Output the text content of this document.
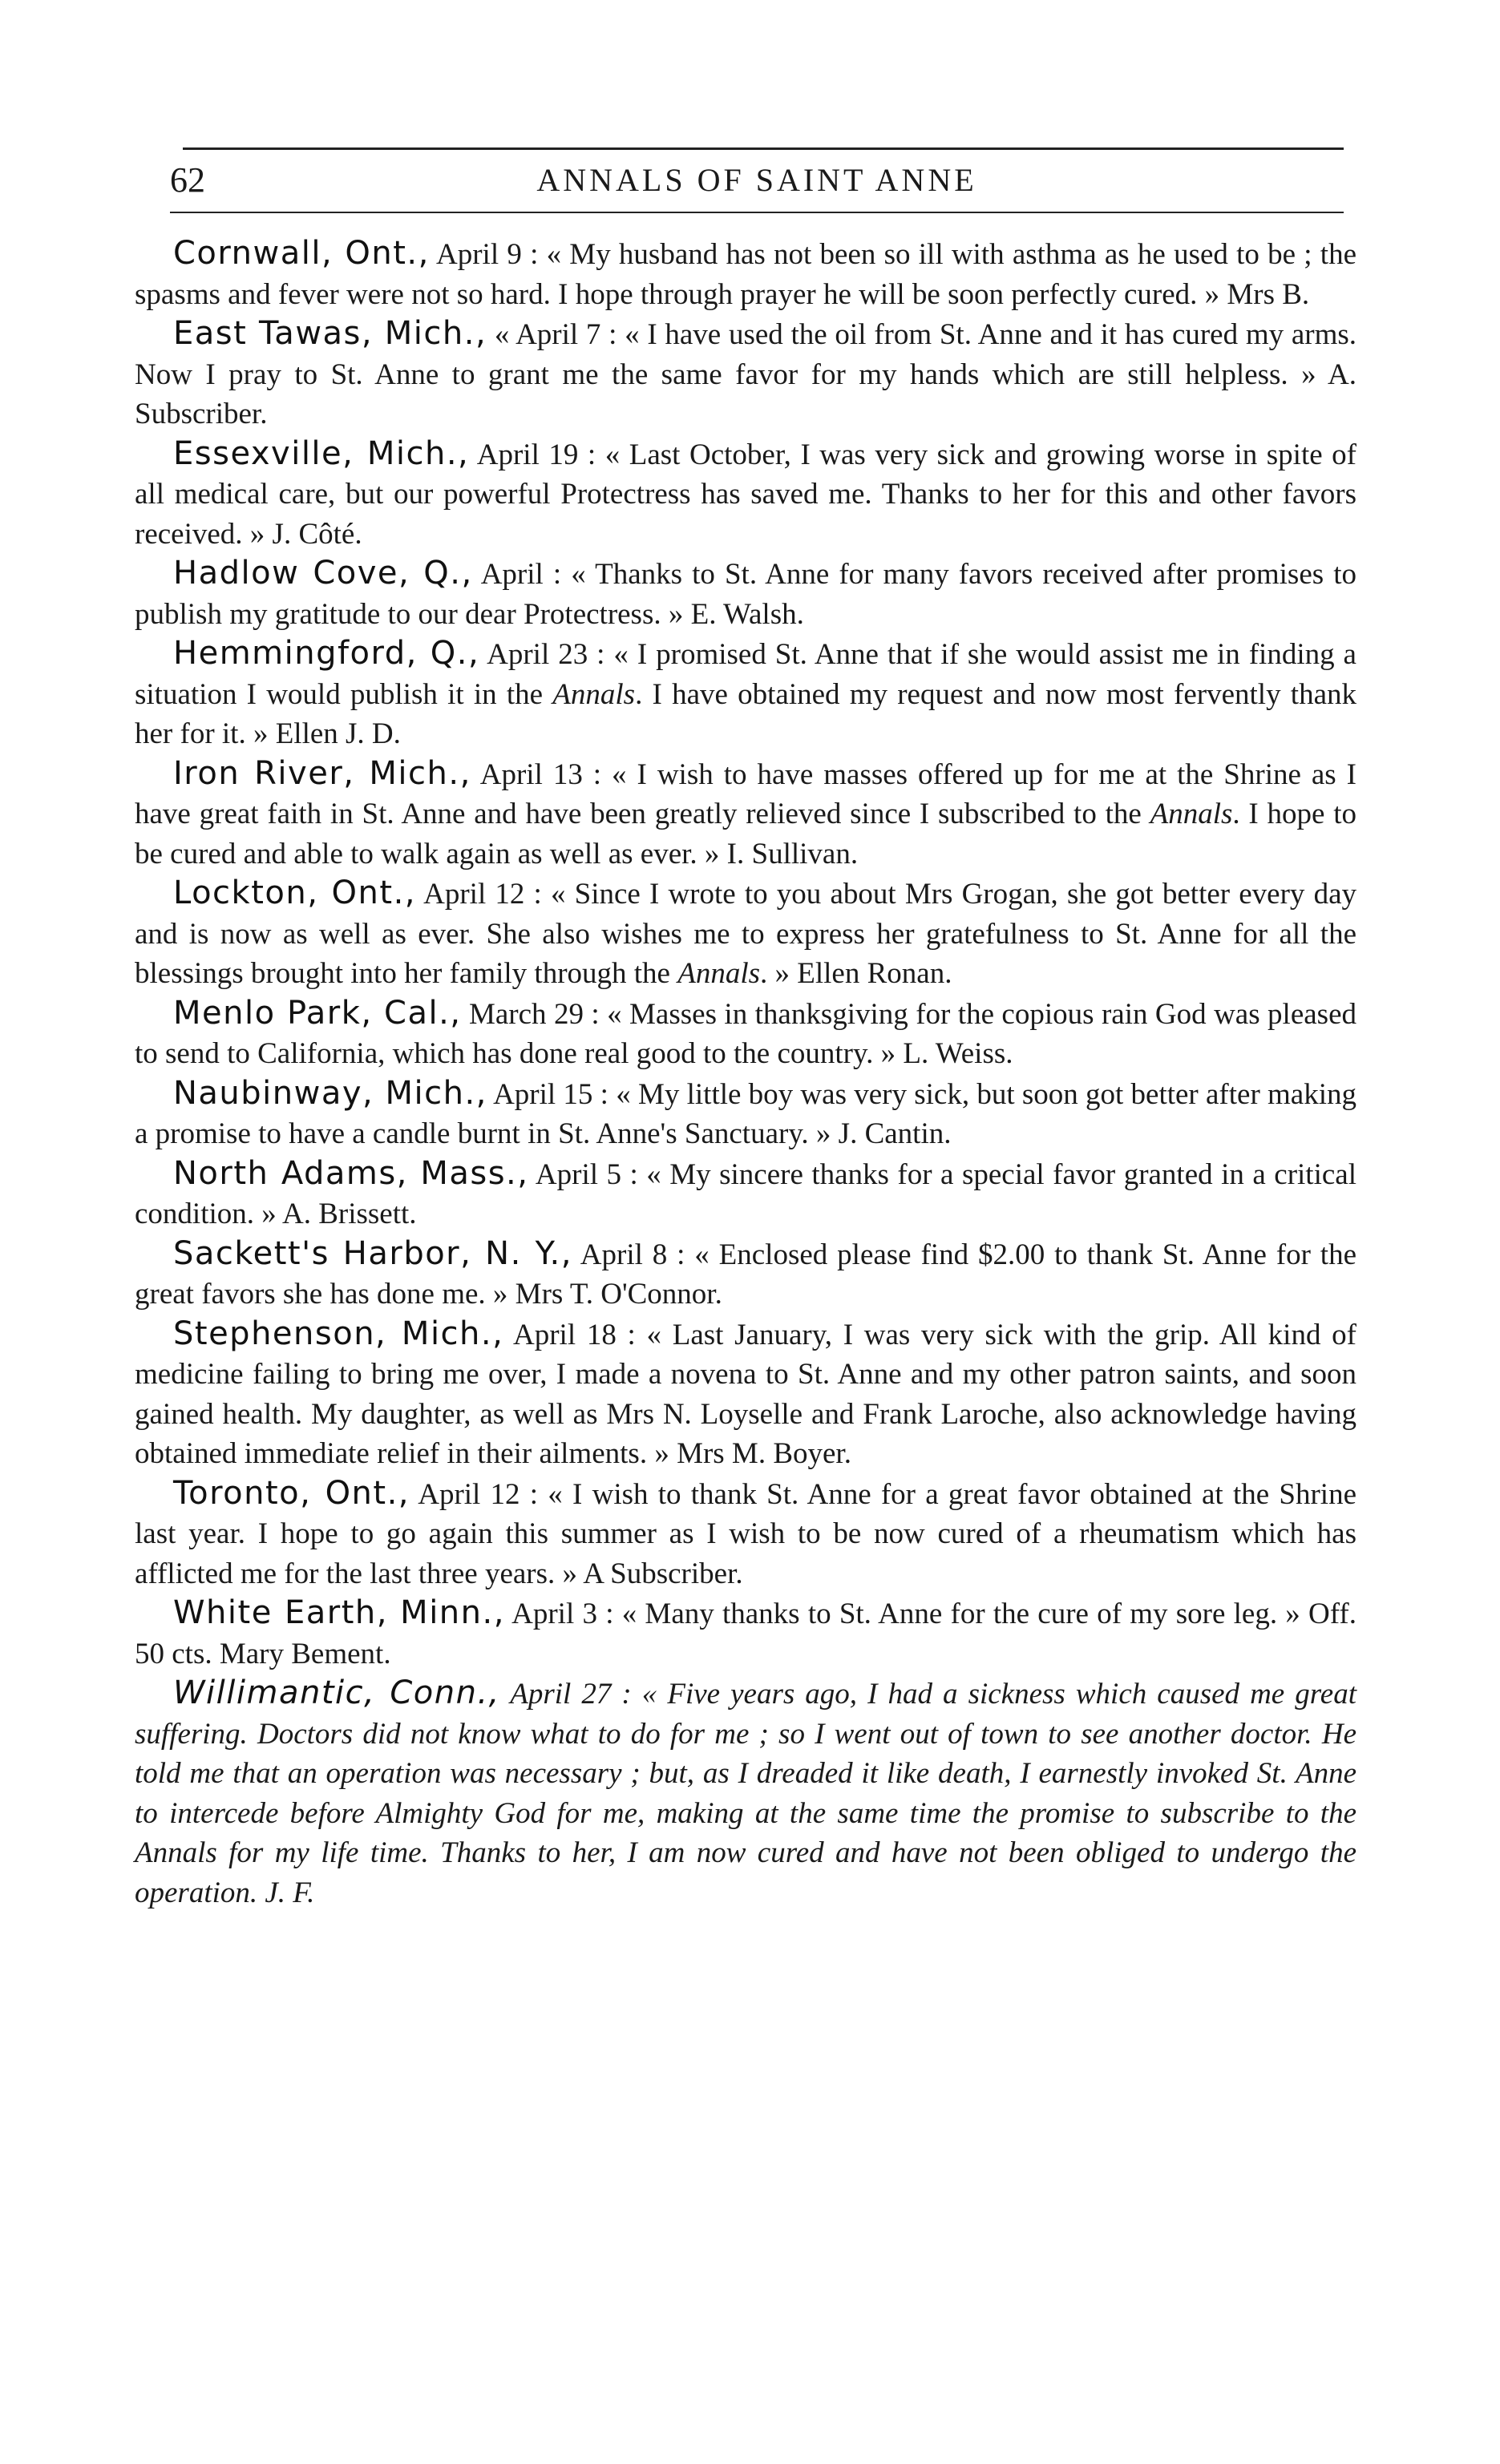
62	ANNALS OF SAINT ANNE

Cornwall, Ont., April 9 : « My husband has not been so ill with asthma as he used to be ; the spasms and fever were not so hard. I hope through prayer he will be soon perfectly cured. » Mrs B.

East Tawas, Mich., « April 7 : « I have used the oil from St. Anne and it has cured my arms. Now I pray to St. Anne to grant me the same favor for my hands which are still helpless. » A. Subscriber.

Essexville, Mich., April 19 : « Last October, I was very sick and growing worse in spite of all medical care, but our powerful Protectress has saved me. Thanks to her for this and other favors received. » J. Côté.

Hadlow Cove, Q., April : « Thanks to St. Anne for many favors received after promises to publish my gratitude to our dear Protectress. » E. Walsh.

Hemmingford, Q., April 23 : « I promised St. Anne that if she would assist me in finding a situation I would publish it in the Annals. I have obtained my request and now most fervently thank her for it. » Ellen J. D.

Iron River, Mich., April 13 : « I wish to have masses offered up for me at the Shrine as I have great faith in St. Anne and have been greatly relieved since I subscribed to the Annals. I hope to be cured and able to walk again as well as ever. » I. Sullivan.

Lockton, Ont., April 12 : « Since I wrote to you about Mrs Grogan, she got better every day and is now as well as ever. She also wishes me to express her gratefulness to St. Anne for all the blessings brought into her family through the Annals. » Ellen Ronan.

Menlo Park, Cal., March 29 : « Masses in thanksgiving for the copious rain God was pleased to send to California, which has done real good to the country. » L. Weiss.

Naubinway, Mich., April 15 : « My little boy was very sick, but soon got better after making a promise to have a candle burnt in St. Anne's Sanctuary. » J. Cantin.

North Adams, Mass., April 5 : « My sincere thanks for a special favor granted in a critical condition. » A. Brissett.

Sackett's Harbor, N. Y., April 8 : « Enclosed please find $2.00 to thank St. Anne for the great favors she has done me. » Mrs T. O'Connor.

Stephenson, Mich., April 18 : « Last January, I was very sick with the grip. All kind of medicine failing to bring me over, I made a novena to St. Anne and my other patron saints, and soon gained health. My daughter, as well as Mrs N. Loyselle and Frank Laroche, also acknowledge having obtained immediate relief in their ailments. » Mrs M. Boyer.

Toronto, Ont., April 12 : « I wish to thank St. Anne for a great favor obtained at the Shrine last year. I hope to go again this summer as I wish to be now cured of a rheumatism which has afflicted me for the last three years. » A Subscriber.

White Earth, Minn., April 3 : « Many thanks to St. Anne for the cure of my sore leg. » Off. 50 cts. Mary Bement.

Willimantic, Conn., April 27 : « Five years ago, I had a sickness which caused me great suffering. Doctors did not know what to do for me ; so I went out of town to see another doctor. He told me that an operation was necessary ; but, as I dreaded it like death, I earnestly invoked St. Anne to intercede before Almighty God for me, making at the same time the promise to subscribe to the Annals for my life time. Thanks to her, I am now cured and have not been obliged to undergo the operation. J. F.
